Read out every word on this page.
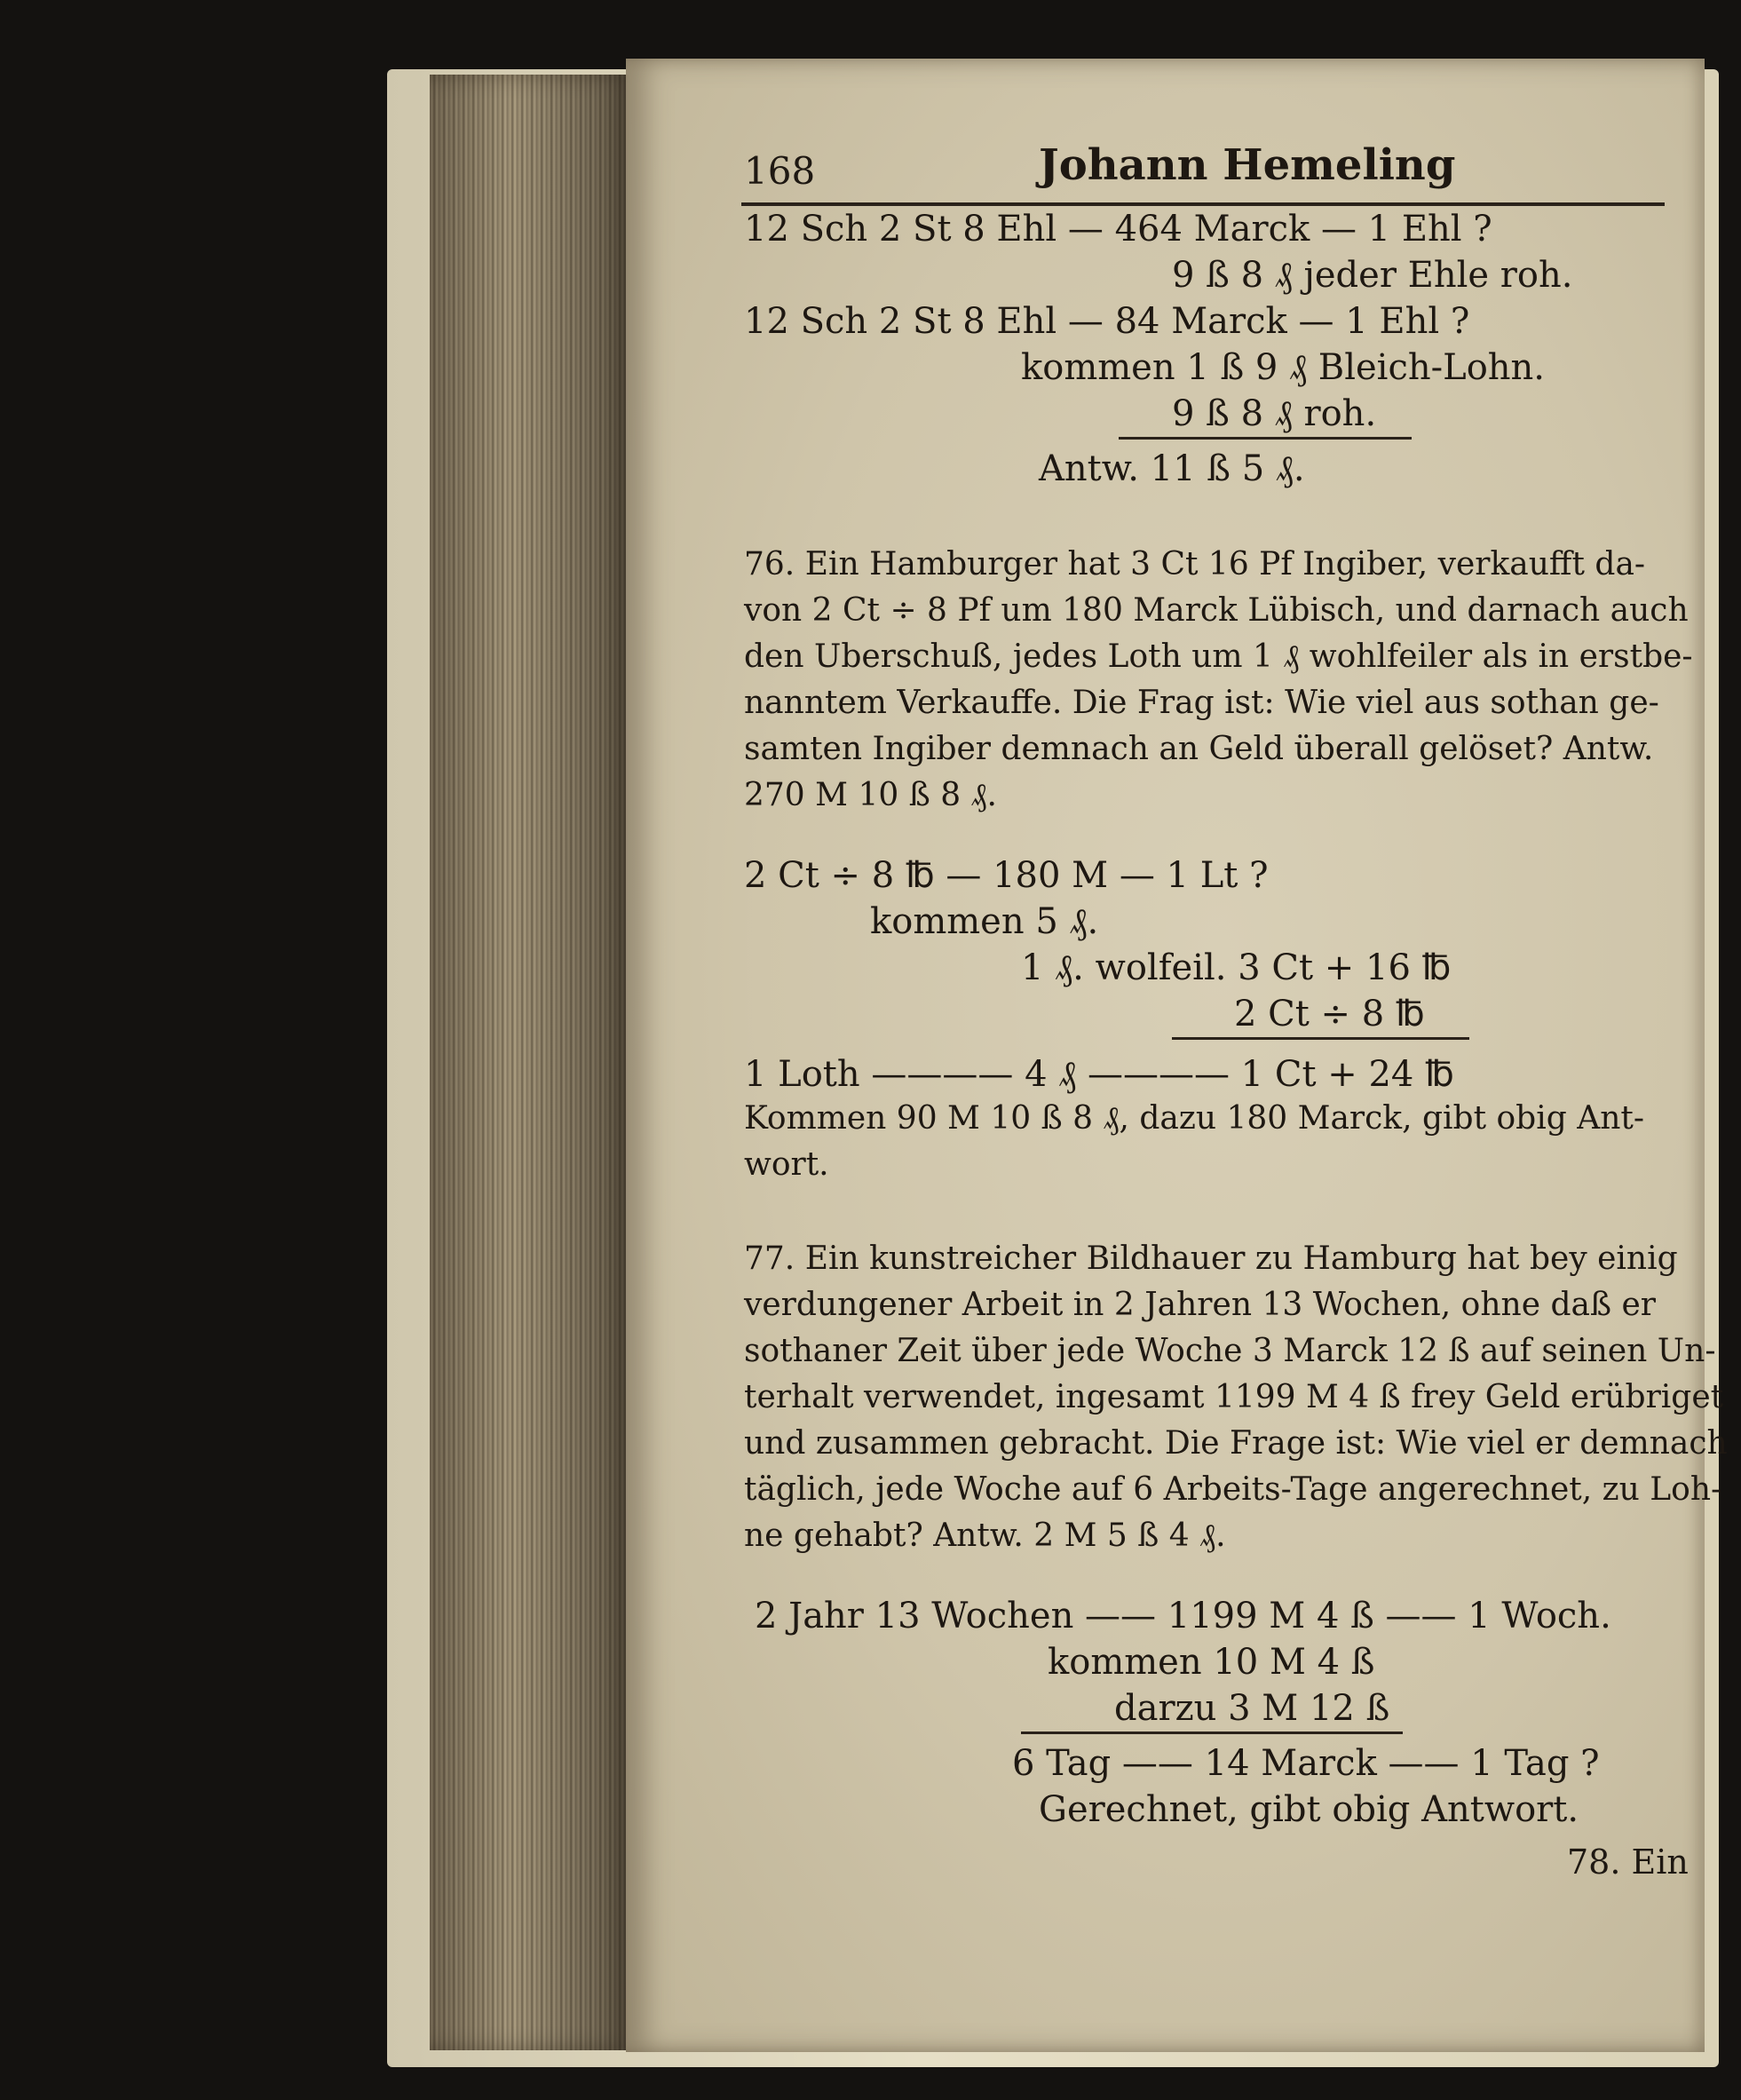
168	Johann Hemeling
12 Sch 2 St 8 Ehl — 464 Marck — 1 Ehl ?
9 ß 8 ₰ jeder Ehle roh.
12 Sch 2 St 8 Ehl — 84 Marck — 1 Ehl ?
kommen 1 ß 9 ₰ Bleich-Lohn.
9 ß 8 ₰ roh.
Antw. 11 ß 5 ₰.
76. Ein Hamburger hat 3 Ct 16 Pf Ingiber, verkaufft da-
von 2 Ct ÷ 8 Pf um 180 Marck Lübisch, und darnach auch
den Uberschuß, jedes Loth um 1 ₰ wohlfeiler als in erstbe-
nanntem Verkauffe. Die Frag ist: Wie viel aus sothan ge-
samten Ingiber demnach an Geld überall gelöset? Antw.
270 M 10 ß 8 ₰.
2 Ct ÷ 8 ℔ — 180 M — 1 Lt ?
kommen 5 ₰.
1 ₰. wolfeil. 3 Ct + 16 ℔
2 Ct ÷ 8 ℔
1 Loth ———— 4 ₰ ———— 1 Ct + 24 ℔
Kommen 90 M 10 ß 8 ₰, dazu 180 Marck, gibt obig Ant-
wort.
77. Ein kunstreicher Bildhauer zu Hamburg hat bey einig
verdungener Arbeit in 2 Jahren 13 Wochen, ohne daß er
sothaner Zeit über jede Woche 3 Marck 12 ß auf seinen Un-
terhalt verwendet, ingesamt 1199 M 4 ß frey Geld erübriget
und zusammen gebracht. Die Frage ist: Wie viel er demnach
täglich, jede Woche auf 6 Arbeits-Tage angerechnet, zu Loh-
ne gehabt? Antw. 2 M 5 ß 4 ₰.
2 Jahr 13 Wochen —— 1199 M 4 ß —— 1 Woch.
kommen 10 M 4 ß
darzu 3 M 12 ß
6 Tag —— 14 Marck —— 1 Tag ?
Gerechnet, gibt obig Antwort.
78. Ein
